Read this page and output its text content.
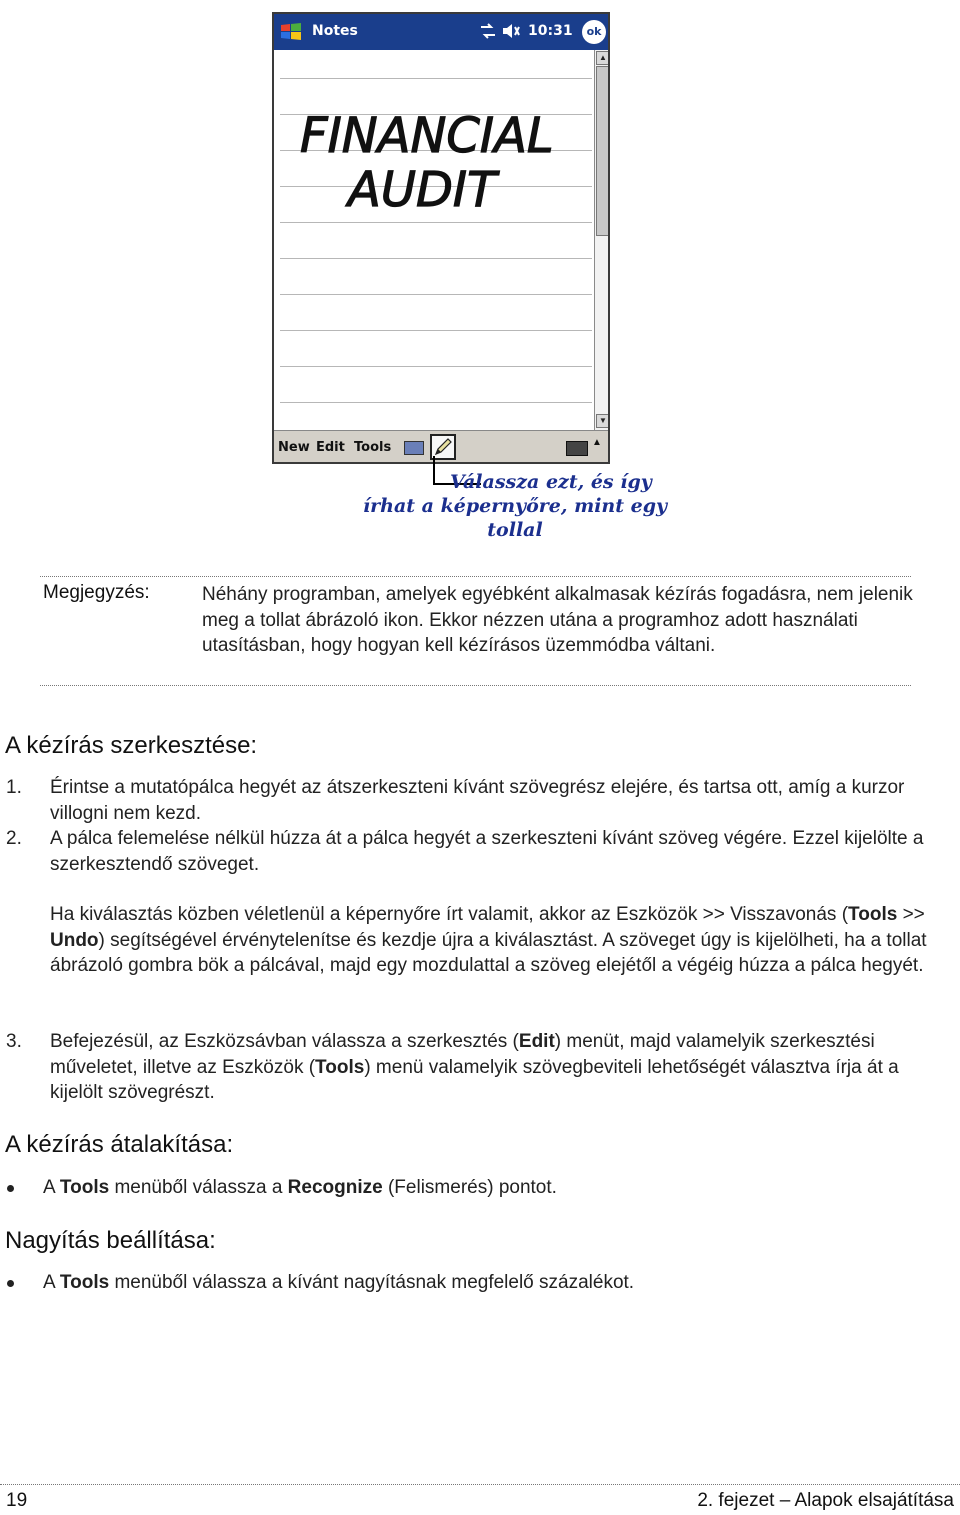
Notes
	10:31	ok
FINANCIAL
AUDIT
▲
▼
New Edit Tools	▲
Válassza ezt, és így
írhat a képernyőre, mint egy tollal
Megjegyzés:	Néhány programban, amelyek egyébként alkalmasak kézírás fogadásra, nem jelenik meg a tollat ábrázoló ikon. Ekkor nézzen utána a programhoz adott használati utasításban, hogy hogyan kell kézírásos üzemmódba váltani.
A kézírás szerkesztése:
1. Érintse a mutatópálca hegyét az átszerkeszteni kívánt szövegrész elejére, és tartsa ott, amíg a kurzor villogni nem kezd.
2. A pálca felemelése nélkül húzza át a pálca hegyét a szerkeszteni kívánt szöveg végére. Ezzel kijelölte a szerkesztendő szöveget.
Ha kiválasztás közben véletlenül a képernyőre írt valamit, akkor az Eszközök >> Visszavonás (Tools >> Undo) segítségével érvénytelenítse és kezdje újra a kiválasztást. A szöveget úgy is kijelölheti, ha a tollat ábrázoló gombra bök a pálcával, majd egy mozdulattal a szöveg elejétől a végéig húzza a pálca hegyét.
3. Befejezésül, az Eszközsávban válassza a szerkesztés (Edit) menüt, majd valamelyik szerkesztési műveletet, illetve az Eszközök (Tools) menü valamelyik szövegbeviteli lehetőségét választva írja át a kijelölt szövegrészt.
A kézírás átalakítása:
A Tools menüből válassza a Recognize (Felismerés) pontot.
Nagyítás beállítása:
A Tools menüből válassza a kívánt nagyításnak megfelelő százalékot.
19	2. fejezet – Alapok elsajátítása
